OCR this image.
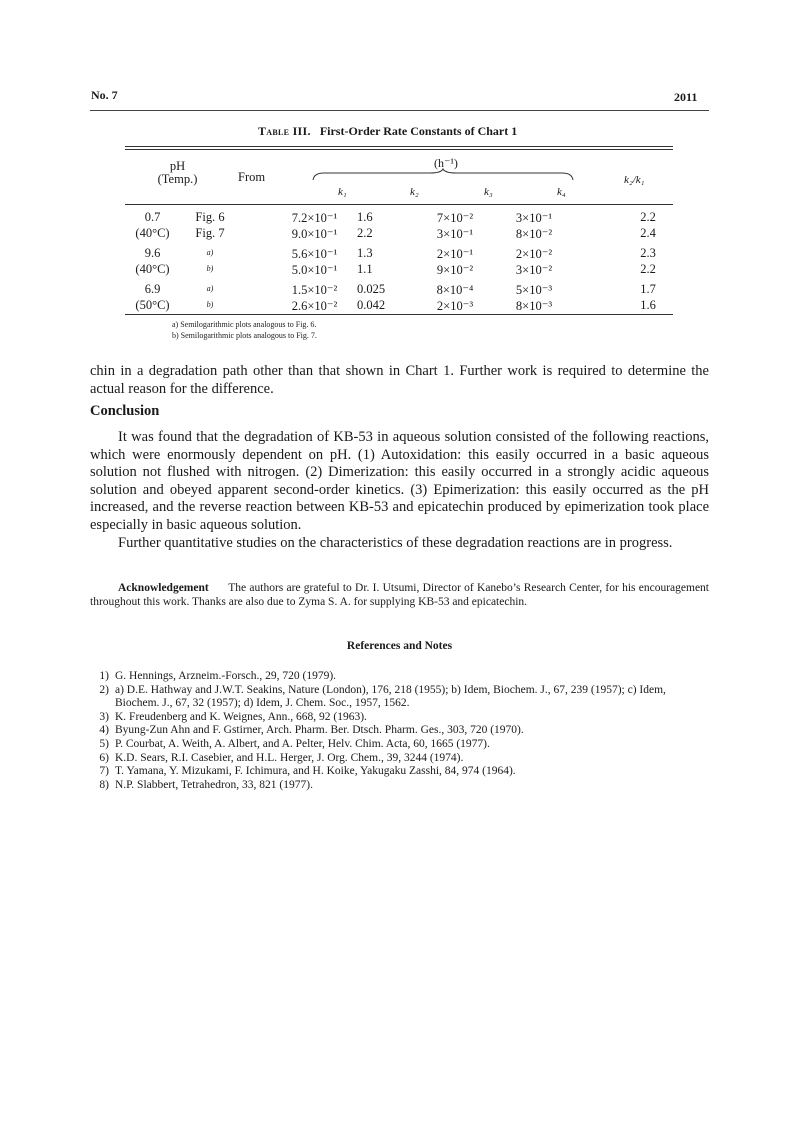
No. 7	2011
Table III. First-Order Rate Constants of Chart 1
pH
(Temp.)	From
(h⁻¹)
k₁	k₂	k₃	k₄
k₂/k₁
0.7	Fig. 6		7.2×10⁻¹	1.6	7×10⁻²	3×10⁻¹		2.2
(40°C)	Fig. 7		9.0×10⁻¹	2.2	3×10⁻¹	8×10⁻²		2.4
9.6	a)		5.6×10⁻¹	1.3	2×10⁻¹	2×10⁻²		2.3
(40°C)	b)		5.0×10⁻¹	1.1	9×10⁻²	3×10⁻²		2.2
6.9	a)		1.5×10⁻²	0.025	8×10⁻⁴	5×10⁻³		1.7
(50°C)	b)		2.6×10⁻²	0.042	2×10⁻³	8×10⁻³		1.6
a) Semilogarithmic plots analogous to Fig. 6.
b) Semilogarithmic plots analogous to Fig. 7.
chin in a degradation path other than that shown in Chart 1. Further work is required to determine the actual reason for the difference.
Conclusion
It was found that the degradation of KB-53 in aqueous solution consisted of the following reactions, which were enormously dependent on pH. (1) Autoxidation: this easily occurred in a basic aqueous solution not flushed with nitrogen. (2) Dimerization: this easily occurred in a strongly acidic aqueous solution and obeyed apparent second-order kinetics. (3) Epimerization: this easily occurred as the pH increased, and the reverse reaction between KB-53 and epicatechin produced by epimerization took place especially in basic aqueous solution.
Further quantitative studies on the characteristics of these degradation reactions are in progress.
Acknowledgement The authors are grateful to Dr. I. Utsumi, Director of Kanebo’s Research Center, for his encouragement throughout this work. Thanks are also due to Zyma S. A. for supplying KB-53 and epicatechin.
References and Notes
1) G. Hennings, Arzneim.-Forsch., 29, 720 (1979).
2) a) D.E. Hathway and J.W.T. Seakins, Nature (London), 176, 218 (1955); b) Idem, Biochem. J., 67, 239 (1957); c) Idem, Biochem. J., 67, 32 (1957); d) Idem, J. Chem. Soc., 1957, 1562.
3) K. Freudenberg and K. Weignes, Ann., 668, 92 (1963).
4) Byung-Zun Ahn and F. Gstirner, Arch. Pharm. Ber. Dtsch. Pharm. Ges., 303, 720 (1970).
5) P. Courbat, A. Weith, A. Albert, and A. Pelter, Helv. Chim. Acta, 60, 1665 (1977).
6) K.D. Sears, R.I. Casebier, and H.L. Herger, J. Org. Chem., 39, 3244 (1974).
7) T. Yamana, Y. Mizukami, F. Ichimura, and H. Koike, Yakugaku Zasshi, 84, 974 (1964).
8) N.P. Slabbert, Tetrahedron, 33, 821 (1977).
